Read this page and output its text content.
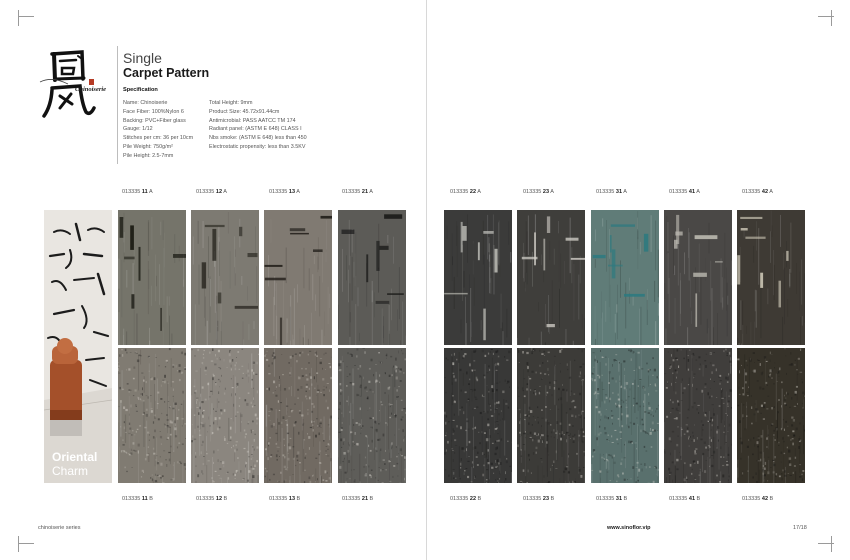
Chinoiserie
Single
Carpet Pattern
Specification
Name: Chinoiserie
Face Fiber: 100%Nylon 6
Backing: PVC+Fiber glass
Gauge: 1/12
Stitches per cm: 36 per 10cm
Pile Weight: 750g/m²
Pile Height: 2.5-7mm
Total Height: 9mm
Product Size: 45.72x91.44cm
Antimicrobial: PASS AATCC TM 174
Radiant panel: (ASTM E 648) CLASS I
Nbs smoke: (ASTM E 648) less than 450
Electrostatic propensity: less than 3.5KV
Oriental
Charm
013335 11 A	013335 12 A	013335 13 A	013335 21 A	013335 22 A	013335 23 A	013335 31 A	013335 41 A	013335 42 A
013335 11 B	013335 12 B	013335 13 B	013335 21 B	013335 22 B	013335 23 B	013335 31 B	013335 41 B	013335 42 B
chinoiserie series	www.sinoflor.vip	17/18
